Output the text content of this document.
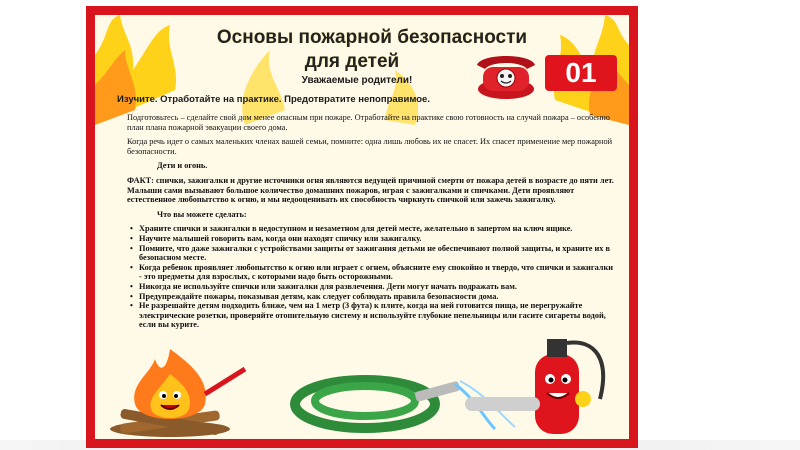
Основы пожарной безопасности
для детей
Уважаемые родители!	01
Изучите. Отработайте на практике. Предотвратите непоправимое.

Подготовьтесь – сделайте свой дом менее опасным при пожаре. Отработайте на практике свою готовность на случай пожара – особенно план плана пожарной эвакуации своего дома.

Когда речь идет о самых маленьких членах вашей семьи, помните: одна лишь любовь их не спасет. Их спасет применение мер пожарной безопасности.

Дети и огонь.

ФАКТ: спички, зажигалки и другие источники огня являются ведущей причиной смерти от пожара детей в возрасте до пяти лет. Малыши сами вызывают большое количество домашних пожаров, играя с зажигалками и спичками. Дети проявляют естественное любопытство к огню, и мы недооценивать их способность чиркнуть спичкой или зажечь зажигалку.

Что вы можете сделать:

• Храните спички и зажигалки в недоступном и незаметном для детей месте, желательно в запертом на ключ ящике.
• Научите малышей говорить вам, когда они находят спичку или зажигалку.
• Помните, что даже зажигалки с устройствами защиты от зажигания детьми не обеспечивают полной защиты, и храните их в безопасном месте.
• Когда ребенок проявляет любопытство к огню или играет с огнем, объясните ему спокойно и твердо, что спички и зажигалки - это предметы для взрослых, с которыми надо быть осторожными.
• Никогда не используйте спички или зажигалки для развлечения. Дети могут начать подражать вам.
• Предупреждайте пожары, показывая детям, как следует соблюдать правила безопасности дома.
• Не разрешайте детям подходить ближе, чем на 1 метр (3 фута) к плите, когда на ней готовится пища, не перегружайте электрические розетки, проверяйте отопительную систему и используйте глубокие пепельницы или гасите сигареты водой, если вы курите.
